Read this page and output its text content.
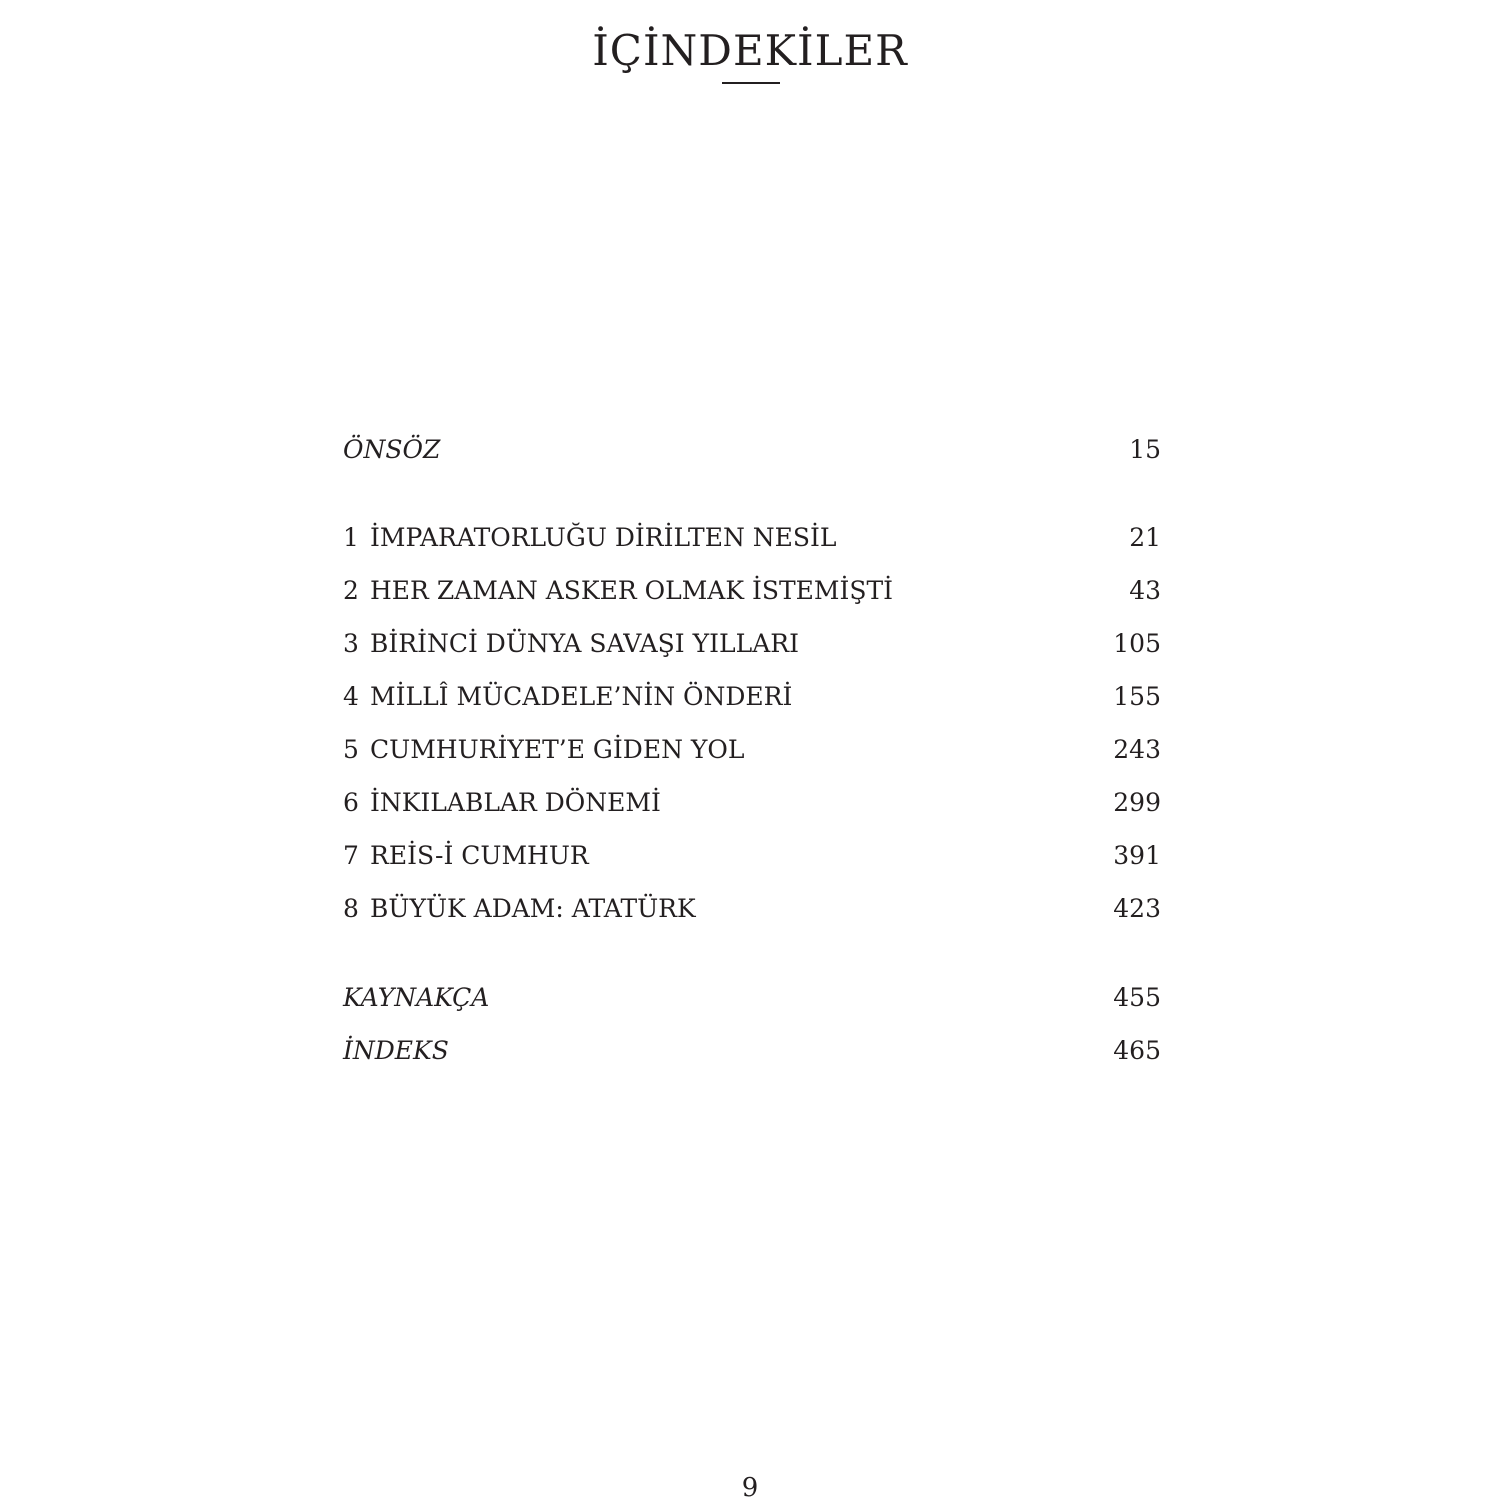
İÇİNDEKİLER
ÖNSÖZ	15
1 İMPARATORLUĞU DİRİLTEN NESİL	21
2 HER ZAMAN ASKER OLMAK İSTEMİŞTİ	43
3 BİRİNCİ DÜNYA SAVAŞI YILLARI	105
4 MİLLÎ MÜCADELE’NİN ÖNDERİ	155
5 CUMHURİYET’E GİDEN YOL	243
6 İNKILABLAR DÖNEMİ	299
7 REİS-İ CUMHUR	391
8 BÜYÜK ADAM: ATATÜRK	423
KAYNAKÇA	455
İNDEKS	465
9
